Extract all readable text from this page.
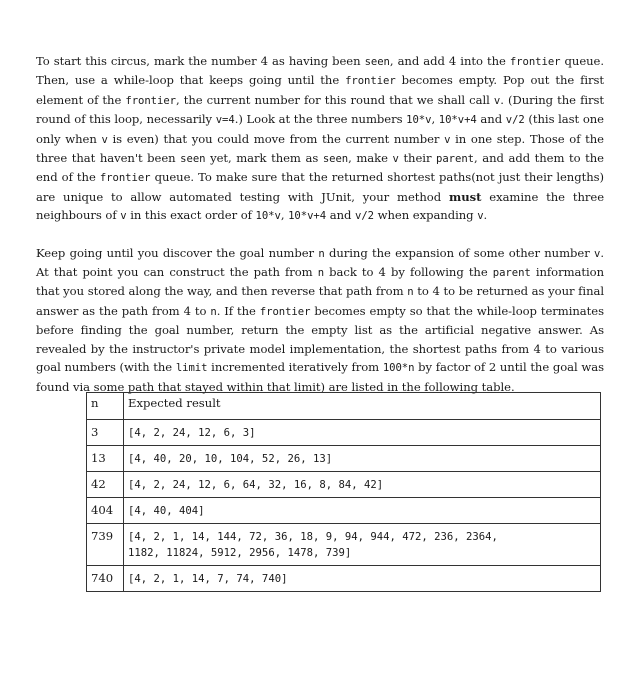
To start this circus, mark the number 4 as having been seen, and add 4 into the frontier queue. Then, use a while-loop that keeps going until the frontier becomes empty. Pop out the first element of the frontier, the current number for this round that we shall call v. (During the first round of this loop, necessarily v=4.) Look at the three numbers 10*v, 10*v+4 and v/2 (this last one only when v is even) that you could move from the current number v in one step. Those of the three that haven't been seen yet, mark them as seen, make v their parent, and add them to the end of the frontier queue. To make sure that the returned shortest paths(not just their lengths) are unique to allow automated testing with JUnit, your method must examine the three neighbours of v in this exact order of 10*v, 10*v+4 and v/2 when expanding v.

Keep going until you discover the goal number n during the expansion of some other number v. At that point you can construct the path from n back to 4 by following the parent information that you stored along the way, and then reverse that path from n to 4 to be returned as your final answer as the path from 4 to n. If the frontier becomes empty so that the while-loop terminates before finding the goal number, return the empty list as the artificial negative answer. As revealed by the instructor's private model implementation, the shortest paths from 4 to various goal numbers (with the limit incremented iteratively from 100*n by factor of 2 until the goal was found via some path that stayed within that limit) are listed in the following table.

n	Expected result
3	[4, 2, 24, 12, 6, 3]
13	[4, 40, 20, 10, 104, 52, 26, 13]
42	[4, 2, 24, 12, 6, 64, 32, 16, 8, 84, 42]
404	[4, 40, 404]
739	[4, 2, 1, 14, 144, 72, 36, 18, 9, 94, 944, 472, 236, 2364,
1182, 11824, 5912, 2956, 1478, 739]

740	[4, 2, 1, 14, 7, 74, 740]
